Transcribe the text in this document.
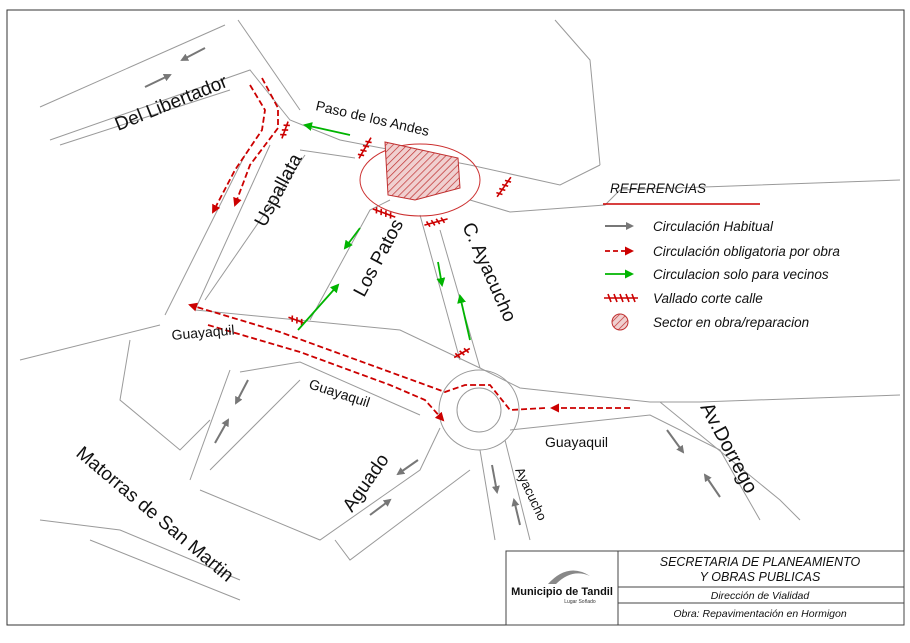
Del Libertador	Paso de los Andes
Uspallata
Los Patos	C. Ayacucho
Guayaquil
Guayaquil
Guayaquil	Av.Dorrego
Aguado	Ayacucho
Matorras de San Martin
REFERENCIAS
Circulación Habitual
Circulación obligatoria por obra
Circulacion solo para vecinos
Vallado corte calle
Sector en obra/reparacion
Municipio de Tandil
Lugar Soñado
SECRETARIA DE PLANEAMIENTO
Y OBRAS PUBLICAS
Dirección de Vialidad
Obra: Repavimentación en Hormigon
